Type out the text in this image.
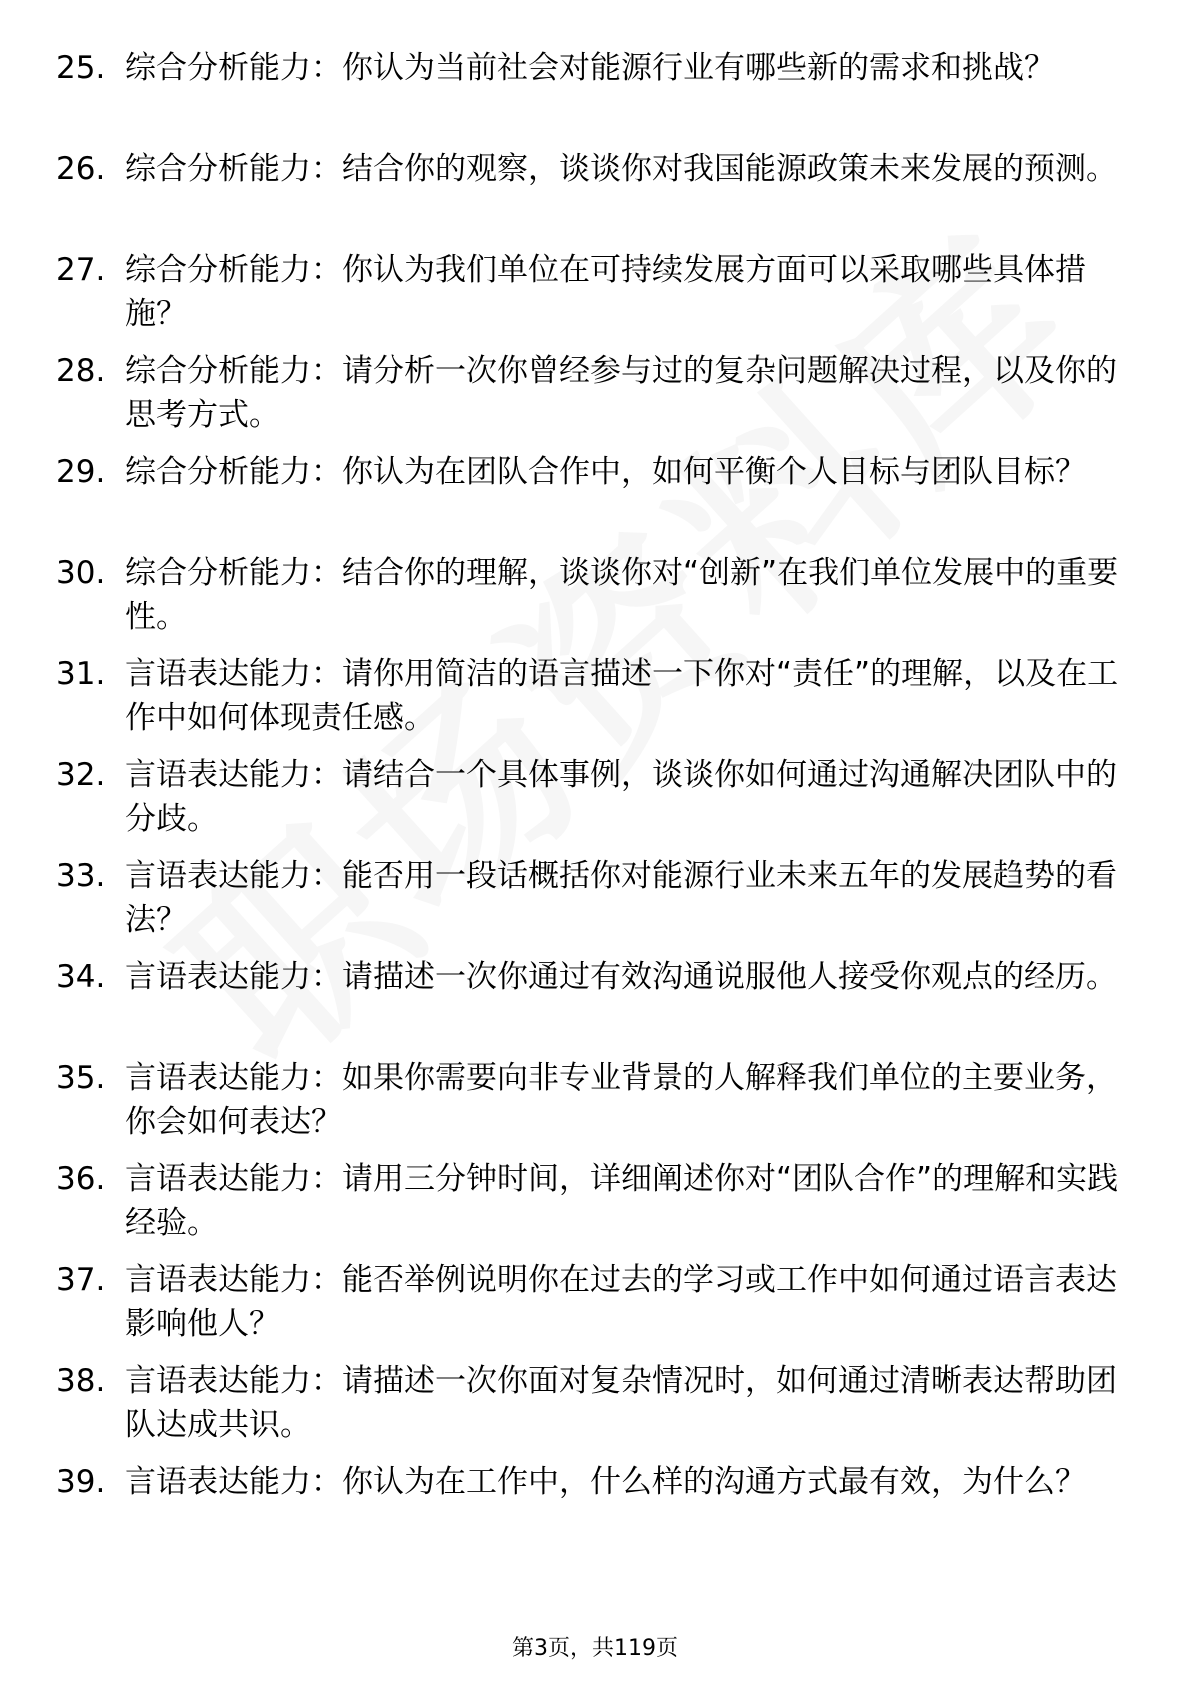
25. 综合分析能力：你认为当前社会对能源行业有哪些新的需求和挑战？
26. 综合分析能力：结合你的观察，谈谈你对我国能源政策未来发展的预测。
27. 综合分析能力：你认为我们单位在可持续发展方面可以采取哪些具体措施？
28. 综合分析能力：请分析一次你曾经参与过的复杂问题解决过程，以及你的思考方式。
29. 综合分析能力：你认为在团队合作中，如何平衡个人目标与团队目标？
30. 综合分析能力：结合你的理解，谈谈你对“创新”在我们单位发展中的重要性。
31. 言语表达能力：请你用简洁的语言描述一下你对“责任”的理解，以及在工作中如何体现责任感。
32. 言语表达能力：请结合一个具体事例，谈谈你如何通过沟通解决团队中的分歧。
33. 言语表达能力：能否用一段话概括你对能源行业未来五年的发展趋势的看法？
34. 言语表达能力：请描述一次你通过有效沟通说服他人接受你观点的经历。
35. 言语表达能力：如果你需要向非专业背景的人解释我们单位的主要业务，你会如何表达？
36. 言语表达能力：请用三分钟时间，详细阐述你对“团队合作”的理解和实践经验。
37. 言语表达能力：能否举例说明你在过去的学习或工作中如何通过语言表达影响他人？
38. 言语表达能力：请描述一次你面对复杂情况时，如何通过清晰表达帮助团队达成共识。
39. 言语表达能力：你认为在工作中，什么样的沟通方式最有效，为什么？
第3页，共119页
